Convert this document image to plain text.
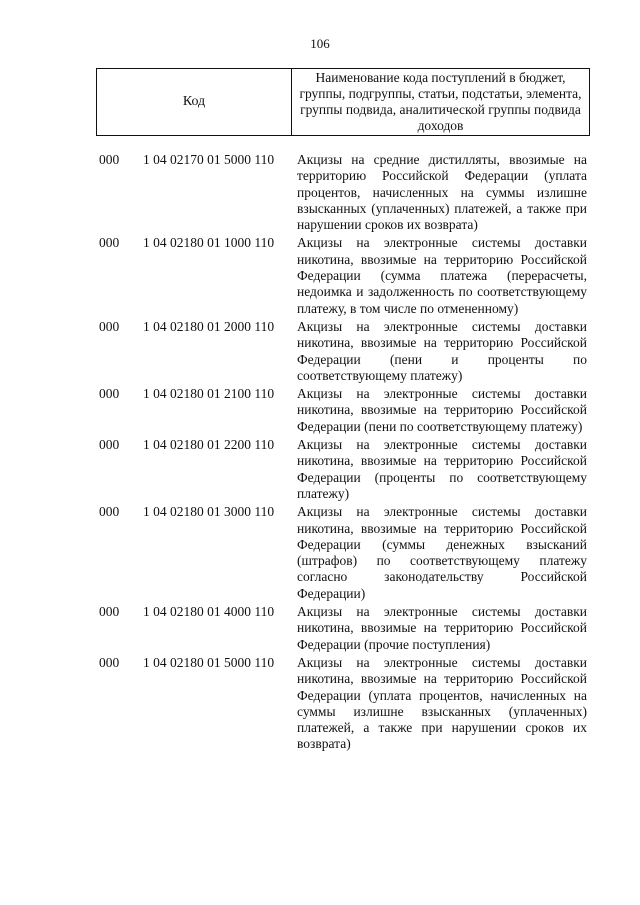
106
Код
Наименование кода поступлений в бюджет, группы, подгруппы, статьи, подстатьи, элемента, группы подвида, аналитической группы подвида доходов
000	1 04 02170 01 5000 110	Акцизы на средние дистилляты, ввозимые на территорию Российской Федерации (уплата процентов, начисленных на суммы излишне взысканных (уплаченных) платежей, а также при нарушении сроков их возврата)
000	1 04 02180 01 1000 110	Акцизы на электронные системы доставки никотина, ввозимые на территорию Российской Федерации (сумма платежа (перерасчеты, недоимка и задолженность по соответствующему платежу, в том числе по отмененному)
000	1 04 02180 01 2000 110	Акцизы на электронные системы доставки никотина, ввозимые на территорию Российской Федерации (пени и проценты по соответствующему платежу)
000	1 04 02180 01 2100 110	Акцизы на электронные системы доставки никотина, ввозимые на территорию Российской Федерации (пени по соответствующему платежу)
000	1 04 02180 01 2200 110	Акцизы на электронные системы доставки никотина, ввозимые на территорию Российской Федерации (проценты по соответствующему платежу)
000	1 04 02180 01 3000 110	Акцизы на электронные системы доставки никотина, ввозимые на территорию Российской Федерации (суммы денежных взысканий (штрафов) по соответствующему платежу согласно законодательству Российской Федерации)
000	1 04 02180 01 4000 110	Акцизы на электронные системы доставки никотина, ввозимые на территорию Российской Федерации (прочие поступления)
000	1 04 02180 01 5000 110	Акцизы на электронные системы доставки никотина, ввозимые на территорию Российской Федерации (уплата процентов, начисленных на суммы излишне взысканных (уплаченных) платежей, а также при нарушении сроков их возврата)
